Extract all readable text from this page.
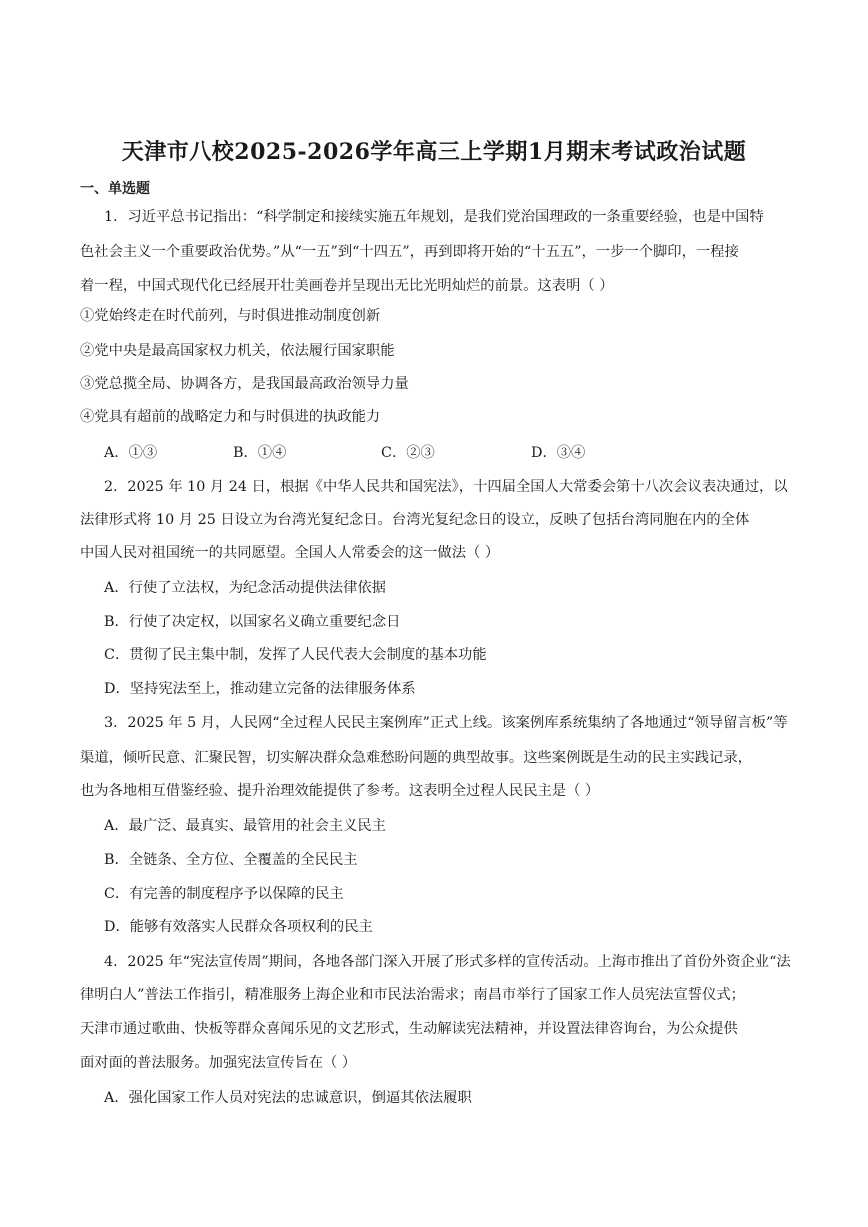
天津市八校2025-2026学年高三上学期1月期末考试政治试题
一、单选题
1．习近平总书记指出：“科学制定和接续实施五年规划，是我们党治国理政的一条重要经验，也是中国特
色社会主义一个重要政治优势。”从“一五”到“十四五”，再到即将开始的“十五五”，一步一个脚印，一程接
着一程，中国式现代化已经展开壮美画卷并呈现出无比光明灿烂的前景。这表明（ ）
①党始终走在时代前列，与时俱进推动制度创新
②党中央是最高国家权力机关，依法履行国家职能
③党总揽全局、协调各方，是我国最高政治领导力量
④党具有超前的战略定力和与时俱进的执政能力
A．①③	B．①④	C．②③	D．③④
2．2025 年 10 月 24 日，根据《中华人民共和国宪法》，十四届全国人大常委会第十八次会议表决通过，以
法律形式将 10 月 25 日设立为台湾光复纪念日。台湾光复纪念日的设立，反映了包括台湾同胞在内的全体
中国人民对祖国统一的共同愿望。全国人人常委会的这一做法（ ）
A．行使了立法权，为纪念活动提供法律依据
B．行使了决定权，以国家名义确立重要纪念日
C．贯彻了民主集中制，发挥了人民代表大会制度的基本功能
D．坚持宪法至上，推动建立完备的法律服务体系
3．2025 年 5 月，人民网“全过程人民民主案例库”正式上线。该案例库系统集纳了各地通过“领导留言板”等
渠道，倾听民意、汇聚民智，切实解决群众急难愁盼问题的典型故事。这些案例既是生动的民主实践记录，
也为各地相互借鉴经验、提升治理效能提供了参考。这表明全过程人民民主是（ ）
A．最广泛、最真实、最管用的社会主义民主
B．全链条、全方位、全覆盖的全民民主
C．有完善的制度程序予以保障的民主
D．能够有效落实人民群众各项权利的民主
4．2025 年“宪法宣传周”期间，各地各部门深入开展了形式多样的宣传活动。上海市推出了首份外资企业“法
律明白人”普法工作指引，精准服务上海企业和市民法治需求；南昌市举行了国家工作人员宪法宣誓仪式；
天津市通过歌曲、快板等群众喜闻乐见的文艺形式，生动解读宪法精神，并设置法律咨询台，为公众提供
面对面的普法服务。加强宪法宣传旨在（ ）
A．强化国家工作人员对宪法的忠诚意识，倒逼其依法履职
